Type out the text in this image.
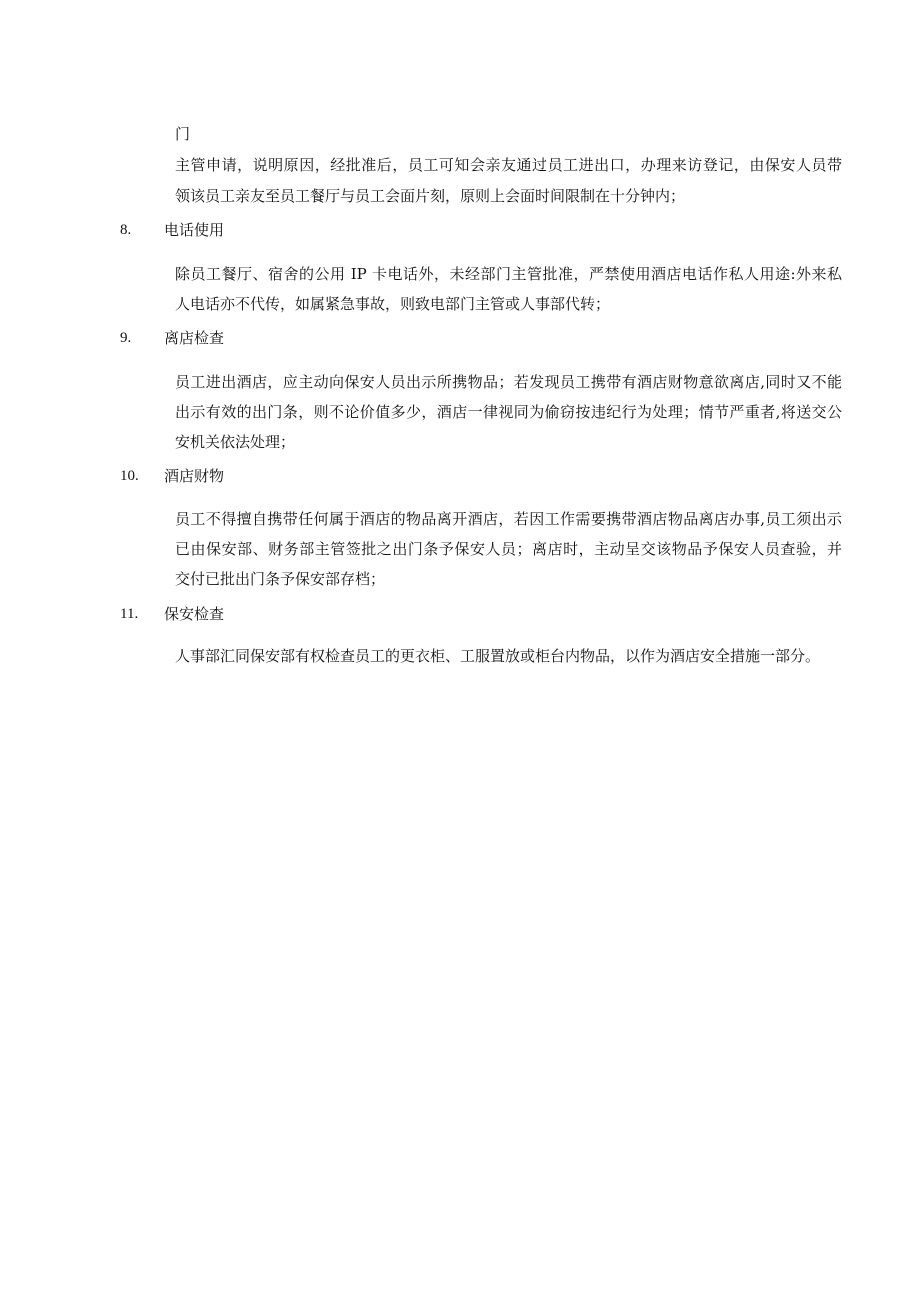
门
主管申请，说明原因，经批准后，员工可知会亲友通过员工进出口，办理来访登记，由保安人员带
领该员工亲友至员工餐厅与员工会面片刻，原则上会面时间限制在十分钟内；
8. 电话使用
除员工餐厅、宿舍的公用 IP 卡电话外，未经部门主管批准，严禁使用酒店电话作私人用途:外来私
人电话亦不代传，如属紧急事故，则致电部门主管或人事部代转；
9. 离店检查
员工进出酒店，应主动向保安人员出示所携物品；若发现员工携带有酒店财物意欲离店,同时又不能
出示有效的出门条，则不论价值多少，酒店一律视同为偷窃按违纪行为处理；情节严重者,将送交公
安机关依法处理；
10. 酒店财物
员工不得擅自携带任何属于酒店的物品离开酒店，若因工作需要携带酒店物品离店办事,员工须出示
已由保安部、财务部主管签批之出门条予保安人员；离店时，主动呈交该物品予保安人员查验，并
交付已批出门条予保安部存档；
11. 保安检查
人事部汇同保安部有权检查员工的更衣柜、工服置放或柜台内物品，以作为酒店安全措施一部分。
